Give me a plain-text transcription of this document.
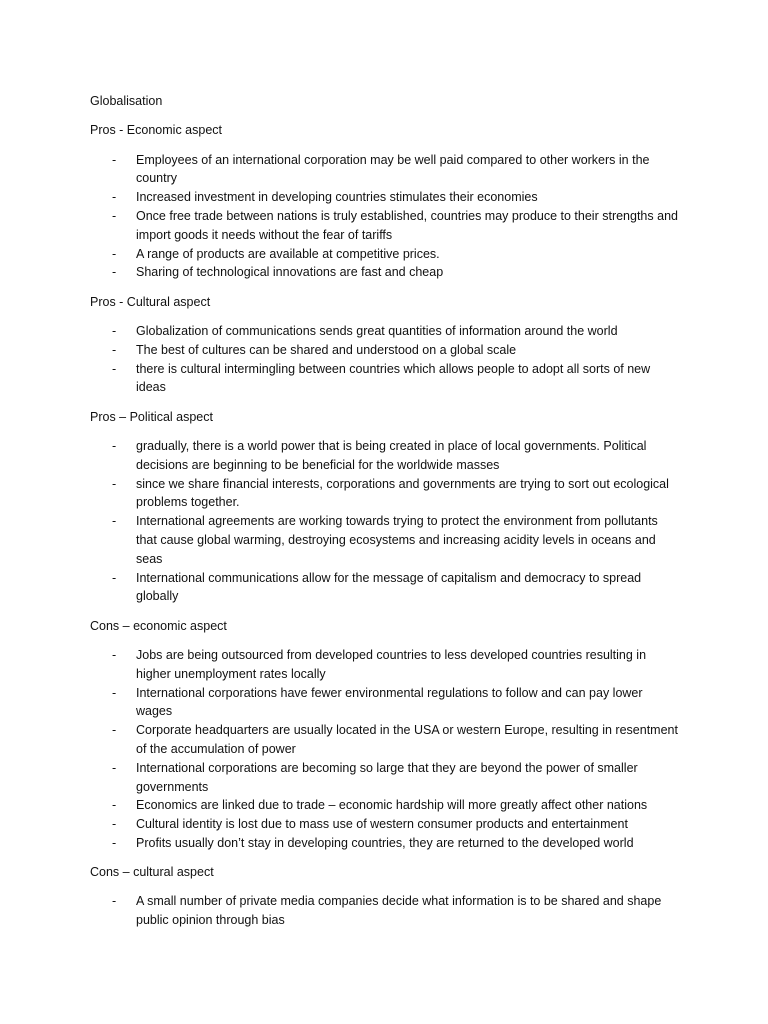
Globalisation

Pros - Economic aspect

- Employees of an international corporation may be well paid compared to other workers in the country
- Increased investment in developing countries stimulates their economies
- Once free trade between nations is truly established, countries may produce to their strengths and import goods it needs without the fear of tariffs
- A range of products are available at competitive prices.
- Sharing of technological innovations are fast and cheap

Pros - Cultural aspect

- Globalization of communications sends great quantities of information around the world
- The best of cultures can be shared and understood on a global scale
- there is cultural intermingling between countries which allows people to adopt all sorts of new ideas

Pros – Political aspect

- gradually, there is a world power that is being created in place of local governments. Political decisions are beginning to be beneficial for the worldwide masses
- since we share financial interests, corporations and governments are trying to sort out ecological problems together.
- International agreements are working towards trying to protect the environment from pollutants that cause global warming, destroying ecosystems and increasing acidity levels in oceans and seas
- International communications allow for the message of capitalism and democracy to spread globally

Cons – economic aspect

- Jobs are being outsourced from developed countries to less developed countries resulting in higher unemployment rates locally
- International corporations have fewer environmental regulations to follow and can pay lower wages
- Corporate headquarters are usually located in the USA or western Europe, resulting in resentment of the accumulation of power
- International corporations are becoming so large that they are beyond the power of smaller governments
- Economics are linked due to trade – economic hardship will more greatly affect other nations
- Cultural identity is lost due to mass use of western consumer products and entertainment
- Profits usually don’t stay in developing countries, they are returned to the developed world

Cons – cultural aspect

- A small number of private media companies decide what information is to be shared and shape public opinion through bias
